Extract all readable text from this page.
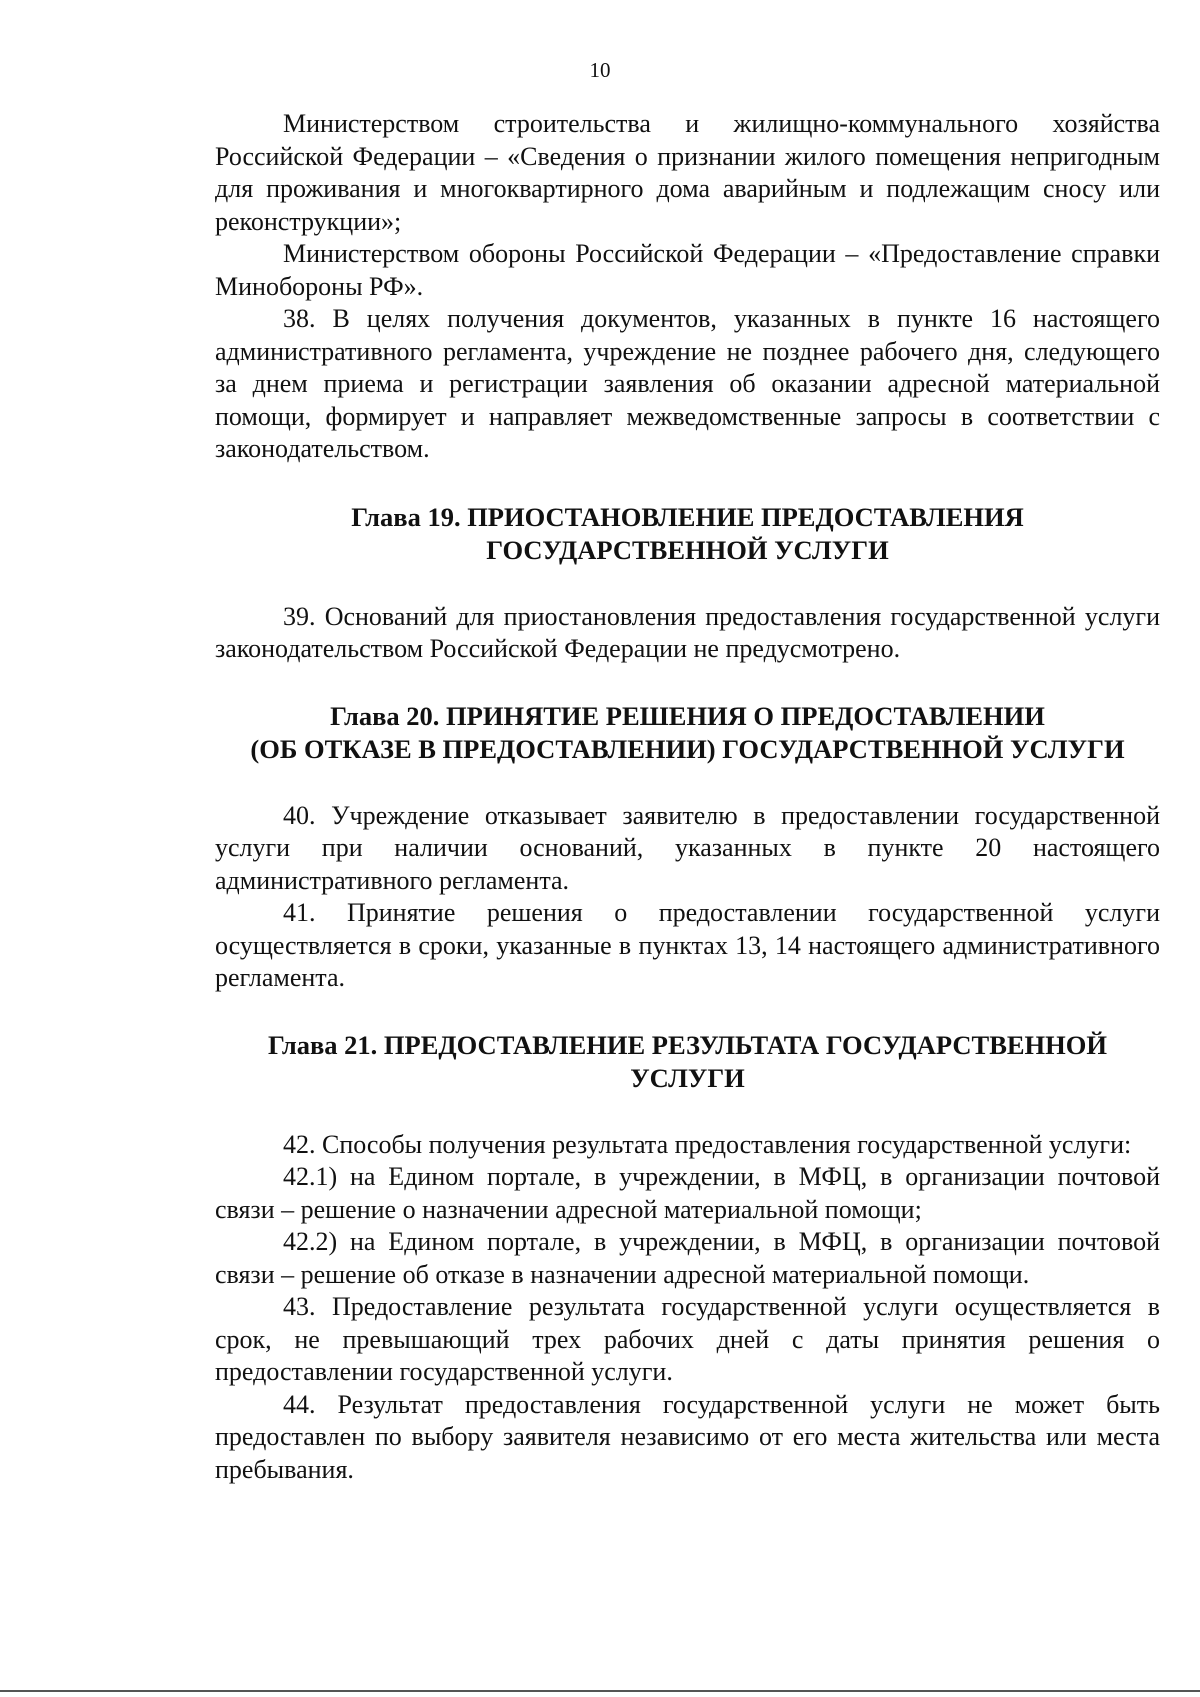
10

Министерством строительства и жилищно-коммунального хозяйства Российской Федерации – «Сведения о признании жилого помещения непригодным для проживания и многоквартирного дома аварийным и подлежащим сносу или реконструкции»;

Министерством обороны Российской Федерации – «Предоставление справки Минобороны РФ».

38. В целях получения документов, указанных в пункте 16 настоящего административного регламента, учреждение не позднее рабочего дня, следующего за днем приема и регистрации заявления об оказании адресной материальной помощи, формирует и направляет межведомственные запросы в соответствии с законодательством.

Глава 19. ПРИОСТАНОВЛЕНИЕ ПРЕДОСТАВЛЕНИЯ
ГОСУДАРСТВЕННОЙ УСЛУГИ

39. Оснований для приостановления предоставления государственной услуги законодательством Российской Федерации не предусмотрено.

Глава 20. ПРИНЯТИЕ РЕШЕНИЯ О ПРЕДОСТАВЛЕНИИ
(ОБ ОТКАЗЕ В ПРЕДОСТАВЛЕНИИ) ГОСУДАРСТВЕННОЙ УСЛУГИ

40. Учреждение отказывает заявителю в предоставлении государственной услуги при наличии оснований, указанных в пункте 20 настоящего административного регламента.

41. Принятие решения о предоставлении государственной услуги осуществляется в сроки, указанные в пунктах 13, 14 настоящего административного регламента.

Глава 21. ПРЕДОСТАВЛЕНИЕ РЕЗУЛЬТАТА ГОСУДАРСТВЕННОЙ
УСЛУГИ

42. Способы получения результата предоставления государственной услуги:

42.1) на Едином портале, в учреждении, в МФЦ, в организации почтовой связи – решение о назначении адресной материальной помощи;

42.2) на Едином портале, в учреждении, в МФЦ, в организации почтовой связи – решение об отказе в назначении адресной материальной помощи.

43. Предоставление результата государственной услуги осуществляется в срок, не превышающий трех рабочих дней с даты принятия решения о предоставлении государственной услуги.

44. Результат предоставления государственной услуги не может быть предоставлен по выбору заявителя независимо от его места жительства или места пребывания.
